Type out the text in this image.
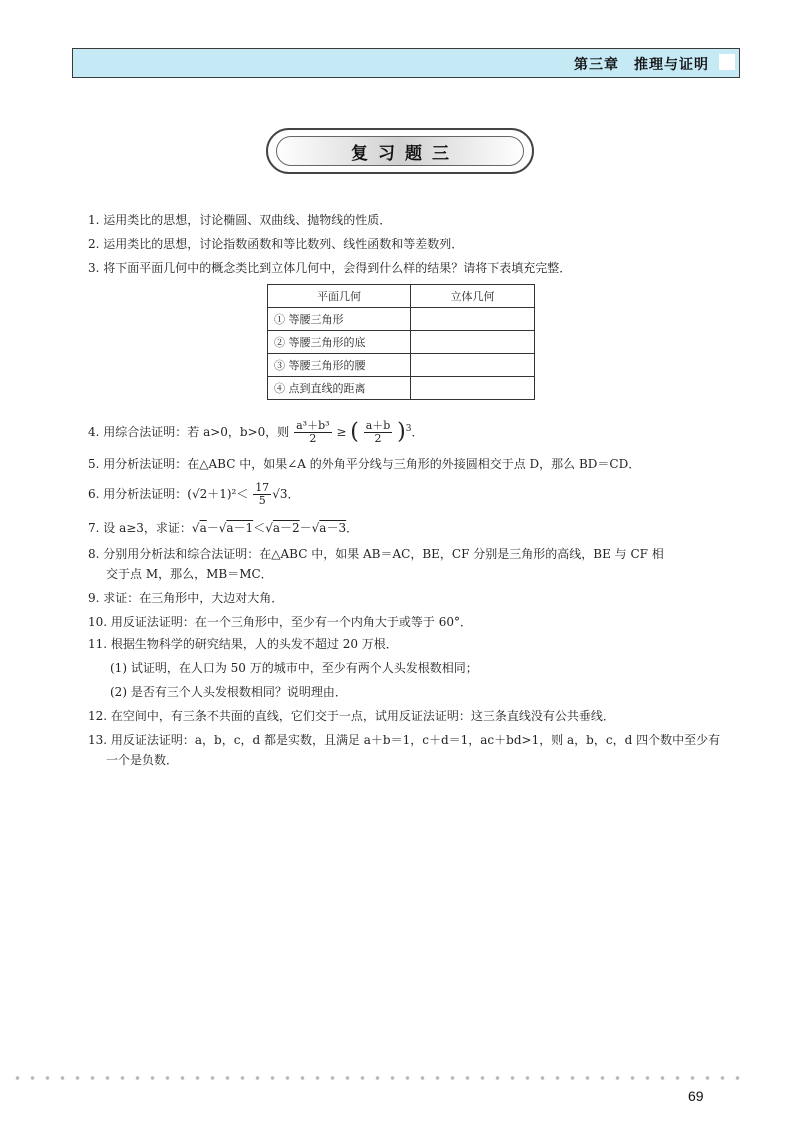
第三章　推理与证明
复习题三
1. 运用类比的思想，讨论椭圆、双曲线、抛物线的性质．
2. 运用类比的思想，讨论指数函数和等比数列、线性函数和等差数列．
3. 将下面平面几何中的概念类比到立体几何中，会得到什么样的结果？请将下表填充完整．
平面几何	立体几何
① 等腰三角形	
② 等腰三角形的底	
③ 等腰三角形的腰	
④ 点到直线的距离	
4. 用综合法证明：若 a>0，b>0，则 $\frac{\text{a³＋b³}}{2}$ ≥ ( $\frac{a+b}{2} )^3$．
5. 用分析法证明：在△ABC 中，如果∠A 的外角平分线与三角形的外接圆相交于点 D，那么 BD＝CD．
6. 用分析法证明：$(√2+1)^2< \frac{17}{5} √3$．
7. 设 a≥3，求证：√a－√a－1＜√a－2－√a－3．
8. 分别用分析法和综合法证明：在△ABC 中，如果 AB＝AC，BE，CF 分别是三角形的高线，BE 与 CF 相
交于点 M，那么，MB＝MC．
9. 求证：在三角形中，大边对大角．
10. 用反证法证明：在一个三角形中，至少有一个内角大于或等于 60°．
11. 根据生物科学的研究结果，人的头发不超过 20 万根．
(1) 试证明，在人口为 50 万的城市中，至少有两个人头发根数相同；
(2) 是否有三个人头发根数相同？说明理由．
12. 在空间中，有三条不共面的直线，它们交于一点，试用反证法证明：这三条直线没有公共垂线．
13. 用反证法证明：a，b，c，d 都是实数，且满足 a＋b＝1，c＋d＝1，ac＋bd>1，则 a，b，c，d 四个数中至少有
一个是负数．
69
